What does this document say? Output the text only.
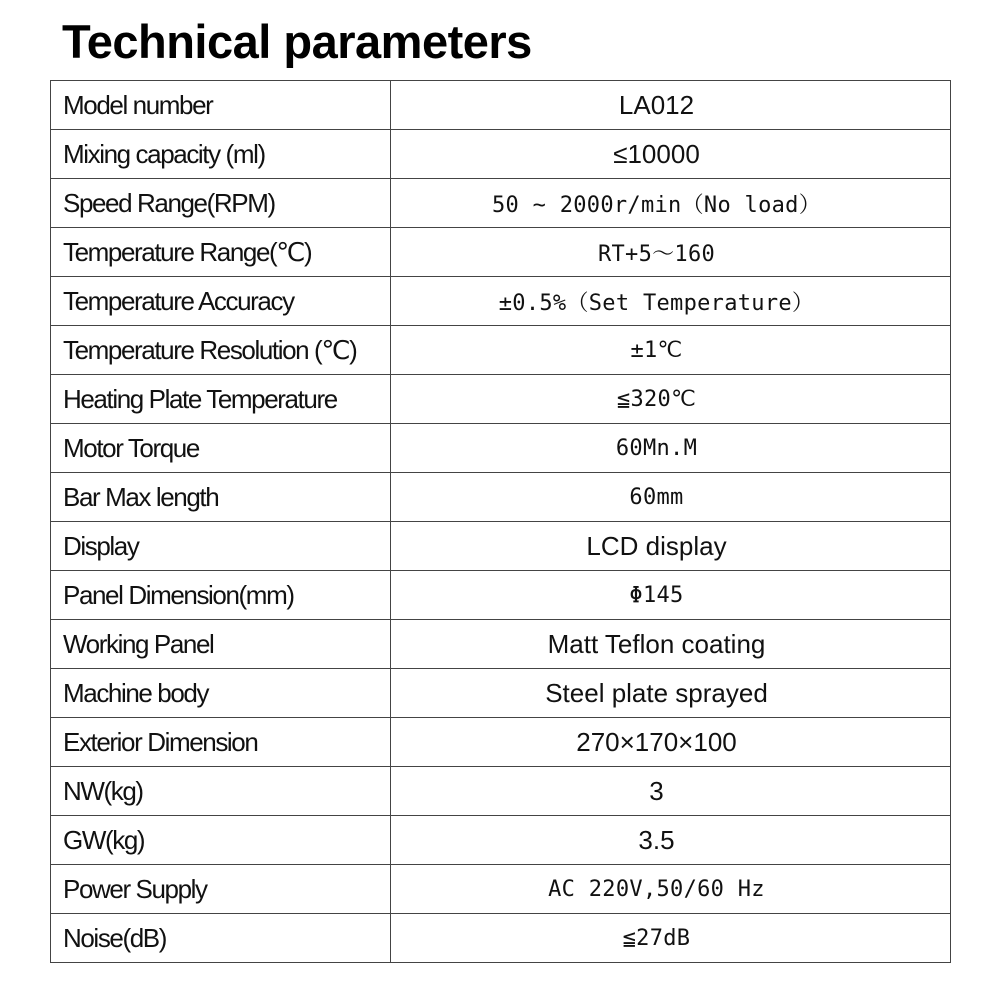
Technical parameters
Model number	LA012
Mixing capacity (ml)	≤10000
Speed Range(RPM)	50 ~ 2000r/min（No load）
Temperature Range(℃)	RT+5～160
Temperature Accuracy	±0.5%（Set Temperature）
Temperature Resolution (℃)	±1℃
Heating Plate Temperature	≦320℃
Motor Torque	60Mn.M
Bar Max length	60mm
Display	LCD display
Panel Dimension(mm)	Φ145
Working Panel	Matt Teflon coating
Machine body	Steel plate sprayed
Exterior Dimension	270×170×100
NW(kg)	3
GW(kg)	3.5
Power Supply	AC 220V,50/60 Hz
Noise(dB)	≦27dB
